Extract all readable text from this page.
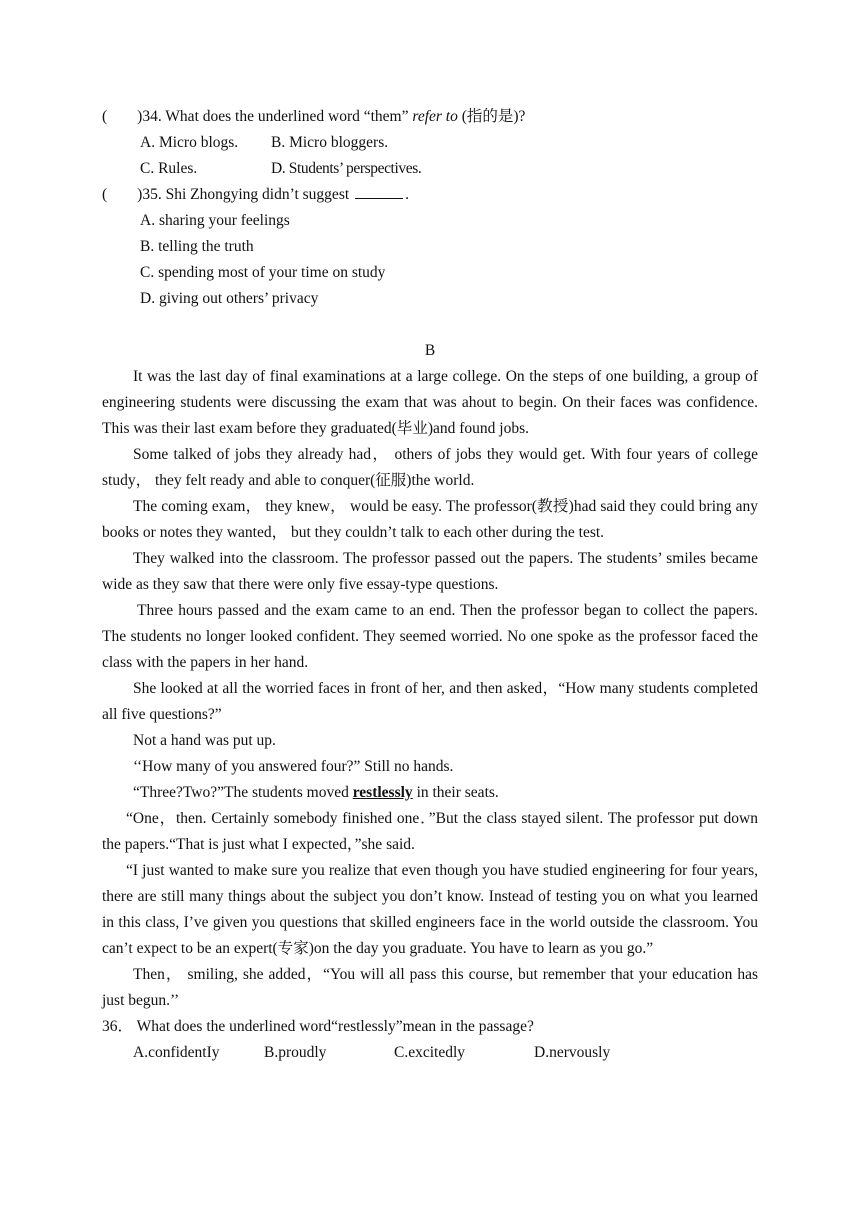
( )34. What does the underlined word “them” refer to (指的是)?
A. Micro blogs. B. Micro bloggers.
C. Rules.	D. Students’ perspectives.
( )35. Shi Zhongying didn’t suggest	.
A. sharing your feelings
B. telling the truth
C. spending most of your time on study
D. giving out others’ privacy
B
It was the last day of final examinations at a large college. On the steps of one building, a group of engineering students were discussing the exam that was ahout to begin. On their faces was confidence. This was their last exam before they graduated(毕业)and found jobs.
Some talked of jobs they already had， others of jobs they would get. With four years of college study， they felt ready and able to conquer(征服)the world.
The coming exam， they knew， would be easy. The professor(教授)had said they could bring any books or notes they wanted， but they couldn’t talk to each other during the test.
They walked into the classroom. The professor passed out the papers. The students’ smiles became wide as they saw that there were only five essay-type questions.
Three hours passed and the exam came to an end. Then the professor began to collect the papers. The students no longer looked confident. They seemed worried. No one spoke as the professor faced the class with the papers in her hand.
She looked at all the worried faces in front of her, and then asked，“How many students completed all five questions?”
Not a hand was put up.
‘‘How many of you answered four?” Still no hands.
“Three?Two?”The students moved restlessly in their seats.
“One，then. Certainly somebody finished one．”But the class stayed silent. The professor put down the papers.“That is just what I expected，”she said.
“I just wanted to make sure you realize that even though you have studied engineering for four years, there are still many things about the subject you don’t know. Instead of testing you on what you learned in this class, I’ve given you questions that skilled engineers face in the world outside the classroom. You can’t expect to be an expert(专家)on the day you graduate. You have to learn as you go.”
Then， smiling, she added，“You will all pass this course, but remember that your education has just begun.’’
36． What does the underlined word“restlessly”mean in the passage?
A.confidentIy	B.proudly	C.excitedly	D.nervously
